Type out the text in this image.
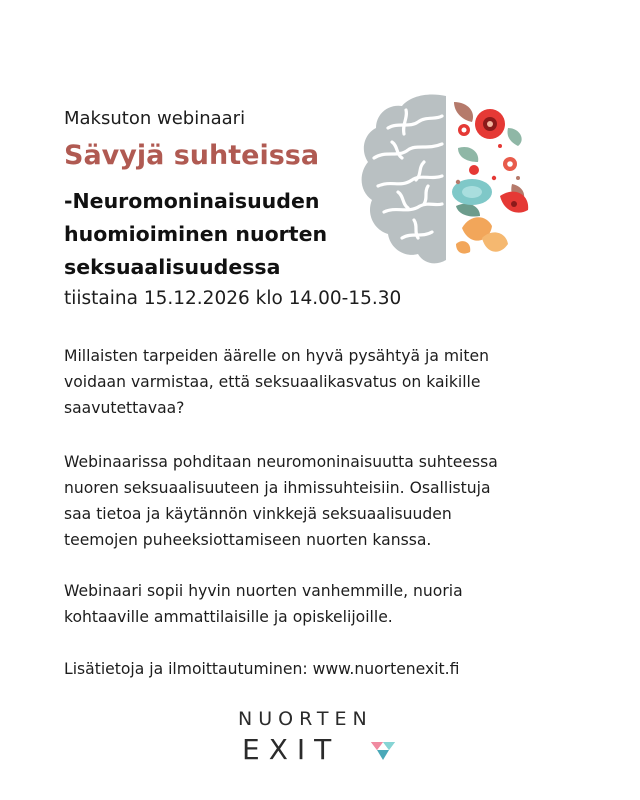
Maksuton webinaari
Sävyjä suhteissa
-Neuromoninaisuuden
huomioiminen nuorten
seksuaalisuudessa
tiistaina 15.12.2026 klo 14.00-15.30
Millaisten tarpeiden äärelle on hyvä pysähtyä ja miten
voidaan varmistaa, että seksuaalikasvatus on kaikille
saavutettavaa?
Webinaarissa pohditaan neuromoninaisuutta suhteessa
nuoren seksuaalisuuteen ja ihmissuhteisiin. Osallistuja
saa tietoa ja käytännön vinkkejä seksuaalisuuden
teemojen puheeksiottamiseen nuorten kanssa.
Webinaari sopii hyvin nuorten vanhemmille, nuoria
kohtaaville ammattilaisille ja opiskelijoille.
Lisätietoja ja ilmoittautuminen: www.nuortenexit.fi
NUORTEN
EXIT
